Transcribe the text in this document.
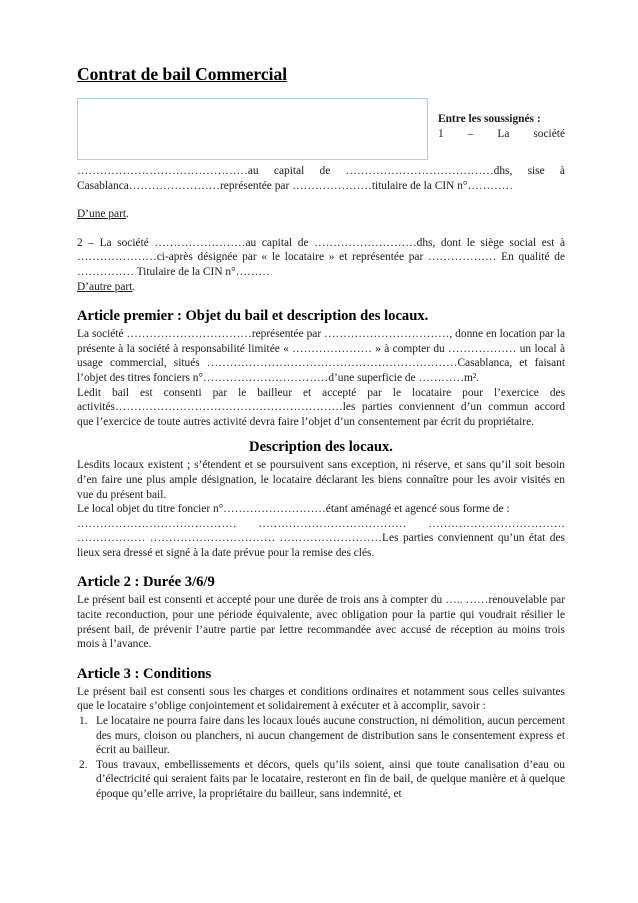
Contrat de bail Commercial

Entre les soussignés :
1 – La société ………………………………………au capital de …………………………………dhs, sise à Casablanca……………………représentée par …………………titulaire de la CIN n°…………

D’une part.

2 – La société ……………………au capital de ………………………dhs, dont le siège social est à …………………ci-après désignée par « le locataire » et représentée par ……………… En qualité de …………… Titulaire de la CIN n°………

D’autre part.

Article premier : Objet du bail et description des locaux.

La société ……………………………représentée par ……………………………, donne en location par la présente à la société à responsabilité limitée « ………………… » à compter du ……………… un local à usage commercial, situés …………………………………………………………Casablanca, et faisant l’objet des titres fonciers n°……………………………d’une superficie de …………m².

Ledit bail est consenti par le bailleur et accepté par le locataire pour l’exercice des activités……………………………………………………les parties conviennent d’un commun accord que l’exercice de toute autres activité devra faire l’objet d’un consentement par écrit du propriétaire.

Description des locaux.

Lesdits locaux existent ; s’étendent et se poursuivent sans exception, ni réserve, et sans qu’il soit besoin d’en faire une plus ample désignation, le locataire déclarant les biens connaître pour les avoir visités en vue du présent bail.

Le local objet du titre foncier n°………………………étant aménagé et agencé sous forme de :

…………………………………… ………………………………… ……………………………… ……………… …………………………… ………………………Les parties conviennent qu’un état des lieux sera dressé et signé à la date prévue pour la remise des clés.

Article 2 : Durée 3/6/9

Le présent bail est consenti et accepté pour une durée de trois ans à compter du ….. ……renouvelable par tacite reconduction, pour une période équivalente, avec obligation pour la partie qui voudrait résilier le présent bail, de prévenir l’autre partie par lettre recommandée avec accusé de réception au moins trois mois à l’avance.

Article 3 : Conditions

Le présent bail est consenti sous les charges et conditions ordinaires et notamment sous celles suivantes que le locataire s’oblige conjointement et solidairement à exécuter et à accomplir, savoir :

1. Le locataire ne pourra faire dans les locaux loués aucune construction, ni démolition, aucun percement des murs, cloison ou planchers, ni aucun changement de distribution sans le consentement express et écrit au bailleur.

2. Tous travaux, embellissements et décors, quels qu’ils soient, ainsi que toute canalisation d’eau ou d’électricité qui seraient faits par le locataire, resteront en fin de bail, de quelque manière et à quelque époque qu’elle arrive, la propriétaire du bailleur, sans indemnité, et
